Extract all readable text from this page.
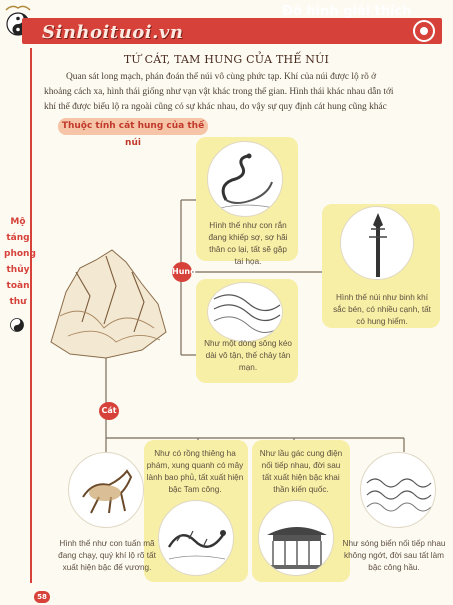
Sinhoituoi.vn
Đồ hình giải thích
Mộ
táng
phong
thủy
toàn
thư
TỨ CÁT, TAM HUNG CỦA THẾ NÚI
Quan sát long mạch, phán đoán thế núi vô cùng phức tạp. Khí của núi được lộ rõ ở
khoảng cách xa, hình thái giống như vạn vật khác trong thế gian. Hình thái khác nhau dẫn tới
khí thế được biểu lộ ra ngoài cũng có sự khác nhau, do vậy sự quy định cát hung cũng khác
Thuộc tính cát hung của thế núi
Hình thế như con rắn đang khiếp sợ, sợ hãi thân co lại, tất sẽ gặp tai họa.
Hình thế núi như binh khí sắc bén, có nhiều cạnh, tất có hung hiểm.
Như một dòng sông kéo dài vô tận, thế chảy tản mạn.
Hung
Cát
Như có rồng thiêng ha phám, xung quanh có mây lành bao phủ, tất xuất hiện bậc Tam công.
Như lầu gác cung điện nối tiếp nhau, đời sau tất xuất hiện bậc khai thần kiến quốc.
Hình thế như con tuấn mã đang chạy, quý khí lộ rõ tất xuất hiện bậc đế vương.
Như sóng biển nối tiếp nhau không ngớt, đời sau tất làm bậc công hầu.
58
